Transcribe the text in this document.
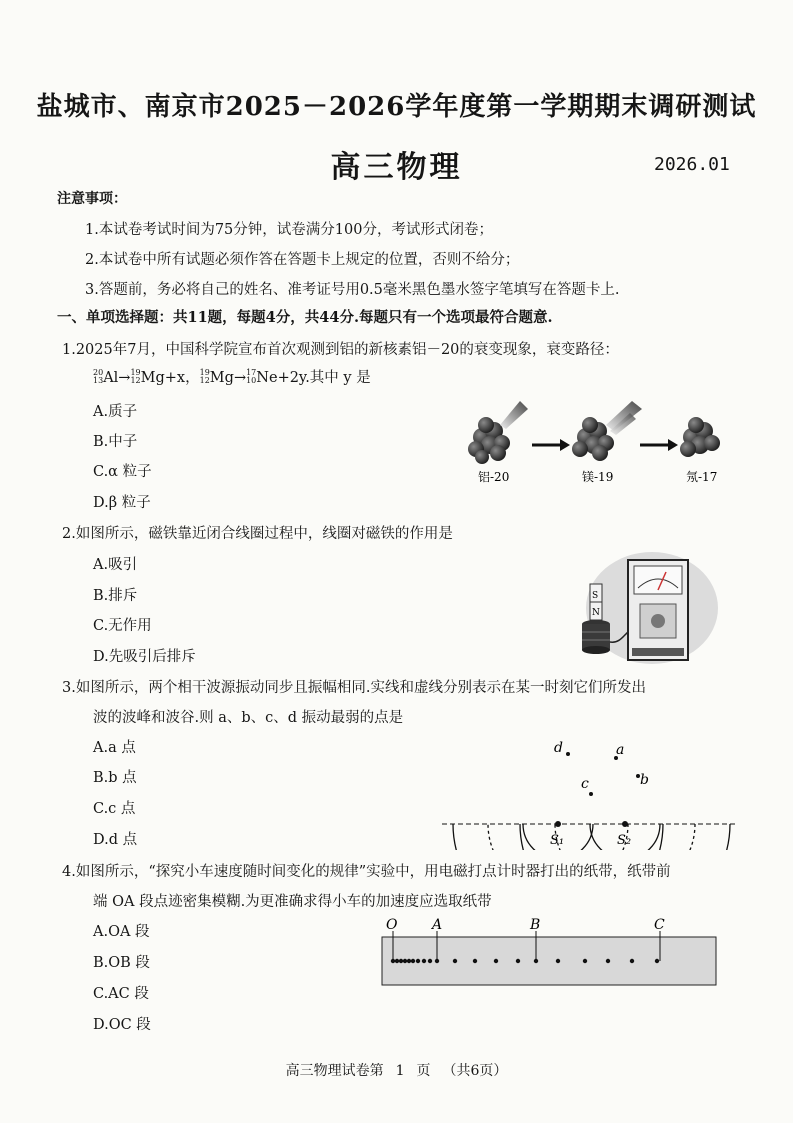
盐城市、南京市2025－2026学年度第一学期期末调研测试
高三物理	2026.01
注意事项：
1.本试卷考试时间为75分钟，试卷满分100分，考试形式闭卷；
2.本试卷中所有试题必须作答在答题卡上规定的位置，否则不给分；
3.答题前，务必将自己的姓名、准考证号用0.5毫米黑色墨水签字笔填写在答题卡上.
一、单项选择题：共11题，每题4分，共44分.每题只有一个选项最符合题意.
1.2025年7月，中国科学院宣布首次观测到铝的新核素铝－20的衰变现象，衰变路径：
20
13Al→19
12Mg+x，19
12Mg→17
10Ne+2y.其中 y 是
A.质子
B.中子
C.α 粒子
D.β 粒子
铝-20	镁-19	氖-17
2.如图所示，磁铁靠近闭合线圈过程中，线圈对磁铁的作用是
A.吸引
B.排斥
C.无作用
D.先吸引后排斥
S
N
3.如图所示，两个相干波源振动同步且振幅相同.实线和虚线分别表示在某一时刻它们所发出
波的波峰和波谷.则 a、b、c、d 振动最弱的点是
A.a 点
B.b 点
C.c 点
D.d 点
d	a
c	b
S₁	S₂
4.如图所示，“探究小车速度随时间变化的规律”实验中，用电磁打点计时器打出的纸带，纸带前
端 OA 段点迹密集模糊.为更准确求得小车的加速度应选取纸带
A.OA 段
B.OB 段
C.AC 段
D.OC 段
O A	B	C
高三物理试卷第 1 页 （共6页）
